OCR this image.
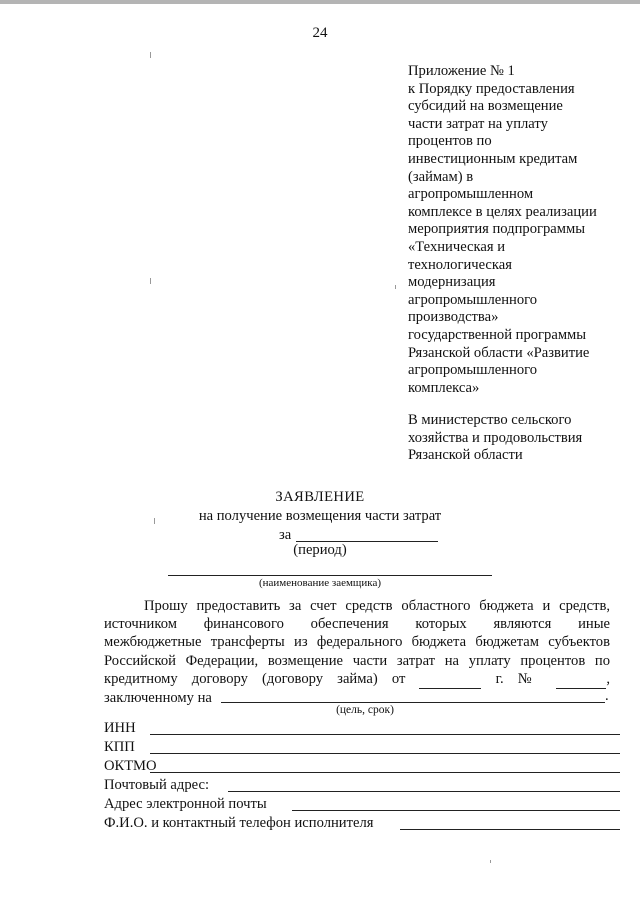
24
Приложение № 1
к Порядку предоставления
субсидий на возмещение
части затрат на уплату
процентов по
инвестиционным кредитам
(займам) в
агропромышленном
комплексе в целях реализации
мероприятия подпрограммы
«Техническая и
технологическая
модернизация
агропромышленного
производства»
государственной программы
Рязанской области «Развитие
агропромышленного
комплекса»
В министерство сельского
хозяйства и продовольствия
Рязанской области
ЗАЯВЛЕНИЕ
на получение возмещения части затрат
за
(период)
(наименование заемщика)
Прошу предоставить за счет средств областного бюджета и средств,
источником финансового обеспечения которых являются иные
межбюджетные трансферты из федерального бюджета бюджетам субъектов
Российской Федерации, возмещение части затрат на уплату процентов по
кредитному договору (договору займа) от	г. №	,
заключенному на	.
(цель, срок)
ИНН
КПП
ОКТМО
Почтовый адрес:
Адрес электронной почты
Ф.И.О. и контактный телефон исполнителя
